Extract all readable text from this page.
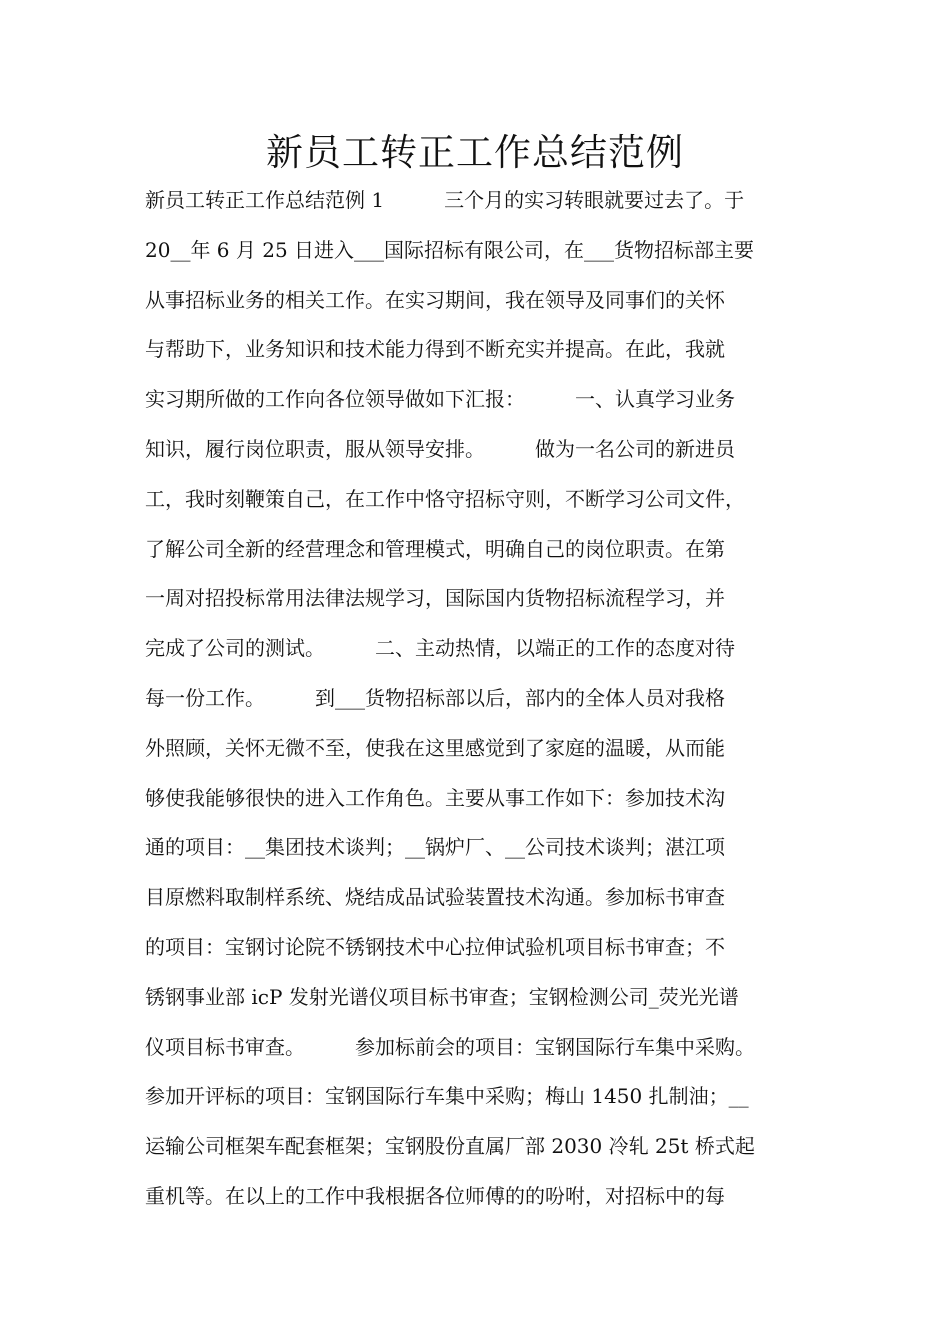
新员工转正工作总结范例
新员工转正工作总结范例 1　　　三个月的实习转眼就要过去了。于
20__年 6 月 25 日进入___国际招标有限公司，在___货物招标部主要
从事招标业务的相关工作。在实习期间，我在领导及同事们的关怀
与帮助下，业务知识和技术能力得到不断充实并提高。在此，我就
实习期所做的工作向各位领导做如下汇报：　　　一、认真学习业务
知识，履行岗位职责，服从领导安排。　　　做为一名公司的新进员
工，我时刻鞭策自己，在工作中恪守招标守则，不断学习公司文件，
了解公司全新的经营理念和管理模式，明确自己的岗位职责。在第
一周对招投标常用法律法规学习，国际国内货物招标流程学习，并
完成了公司的测试。　　　二、主动热情，以端正的工作的态度对待
每一份工作。　　　到___货物招标部以后，部内的全体人员对我格
外照顾，关怀无微不至，使我在这里感觉到了家庭的温暖，从而能
够使我能够很快的进入工作角色。主要从事工作如下：参加技术沟
通的项目：__集团技术谈判；__锅炉厂、__公司技术谈判；湛江项
目原燃料取制样系统、烧结成品试验装置技术沟通。参加标书审查
的项目：宝钢讨论院不锈钢技术中心拉伸试验机项目标书审查；不
锈钢事业部 icP 发射光谱仪项目标书审查；宝钢检测公司_荧光光谱
仪项目标书审查。　　　参加标前会的项目：宝钢国际行车集中采购。
参加开评标的项目：宝钢国际行车集中采购；梅山 1450 扎制油；__
运输公司框架车配套框架；宝钢股份直属厂部 2030 冷轧 25t 桥式起
重机等。在以上的工作中我根据各位师傅的的吩咐，对招标中的每
